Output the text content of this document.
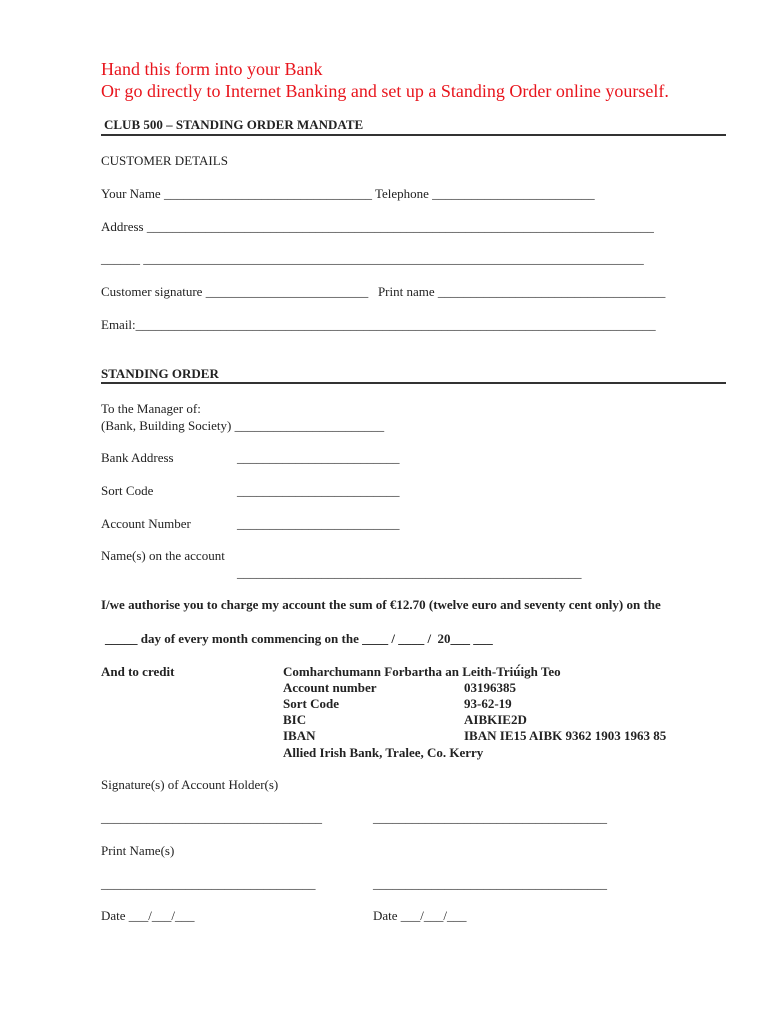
Hand this form into your Bank
Or go directly to Internet Banking and set up a Standing Order online yourself.
CLUB 500 – STANDING ORDER MANDATE
CUSTOMER DETAILS
Your Name ________________________________ Telephone _________________________
Address ______________________________________________________________________________
______ _____________________________________________________________________________
Customer signature _________________________   Print name ___________________________________
Email:________________________________________________________________________________
STANDING ORDER
To the Manager of:
(Bank, Building Society) _______________________
Bank Address	_________________________
Sort Code	_________________________
Account Number	_________________________
Name(s) on the account
_____________________________________________________
I/we authorise you to charge my account the sum of €12.70 (twelve euro and seventy cent only) on the
_____ day of every month commencing on the ____ / ____ /  20___ ___
And to credit	Comharchumann Forbartha an Leith-Triú́igh Teo
Account number	03196385
Sort Code	93-62-19
BIC	AIBKIE2D
IBAN	IBAN IE15 AIBK 9362 1903 1963 85
Allied Irish Bank, Tralee, Co. Kerry
Signature(s) of Account Holder(s)
__________________________________	____________________________________
Print Name(s)
_________________________________	____________________________________
Date ___/___/___	Date ___/___/___
